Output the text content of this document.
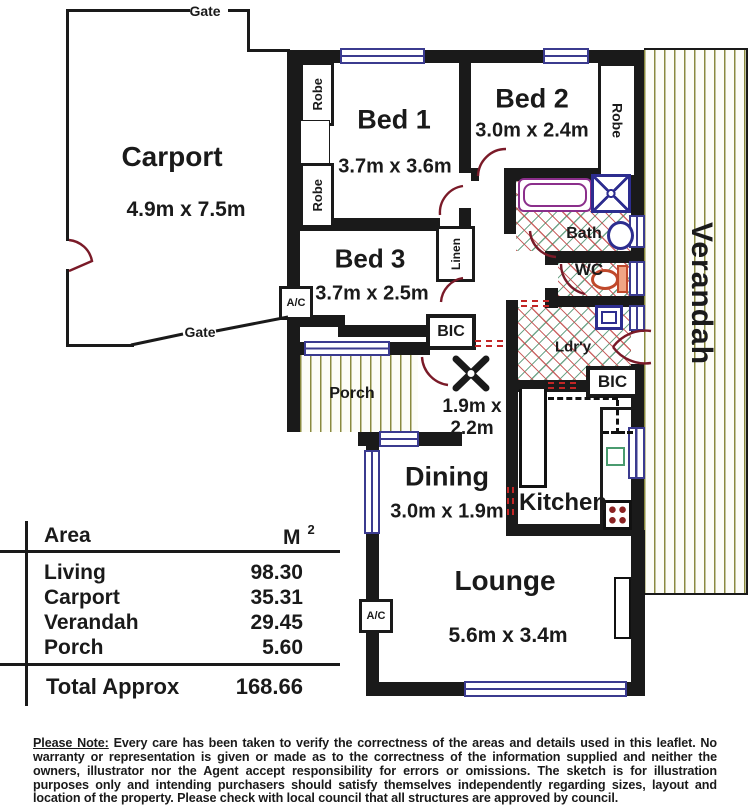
Robe
Robe
Robe
Linen
BIC
BIC
A/C
A/C
Gate
Gate
Carport
4.9m x 7.5m
Bed 1
3.7m x 3.6m
Bed 2
3.0m x 2.4m
Bed 3
3.7m x 2.5m
Bath
WC
Ldr'y
Porch
1.9m x
2.2m
Dining
3.0m x 1.9m Kitchen
Lounge
5.6m x 3.4m
Verandah
Area	M $^2$
Living	98.30
Carport	35.31
Verandah	29.45
Porch	5.60
Total Approx	168.66
Please Note: Every care has been taken to verify the correctness of the areas and details used in this leaflet. No warranty or representation is given or made as to the correctness of the information supplied and neither the owners, illustrator nor the Agent accept responsibility for errors or omissions. The sketch is for illustration purposes only and intending purchasers should satisfy themselves independently regarding sizes, layout and location of the property. Please check with local council that all structures are approved by council.
